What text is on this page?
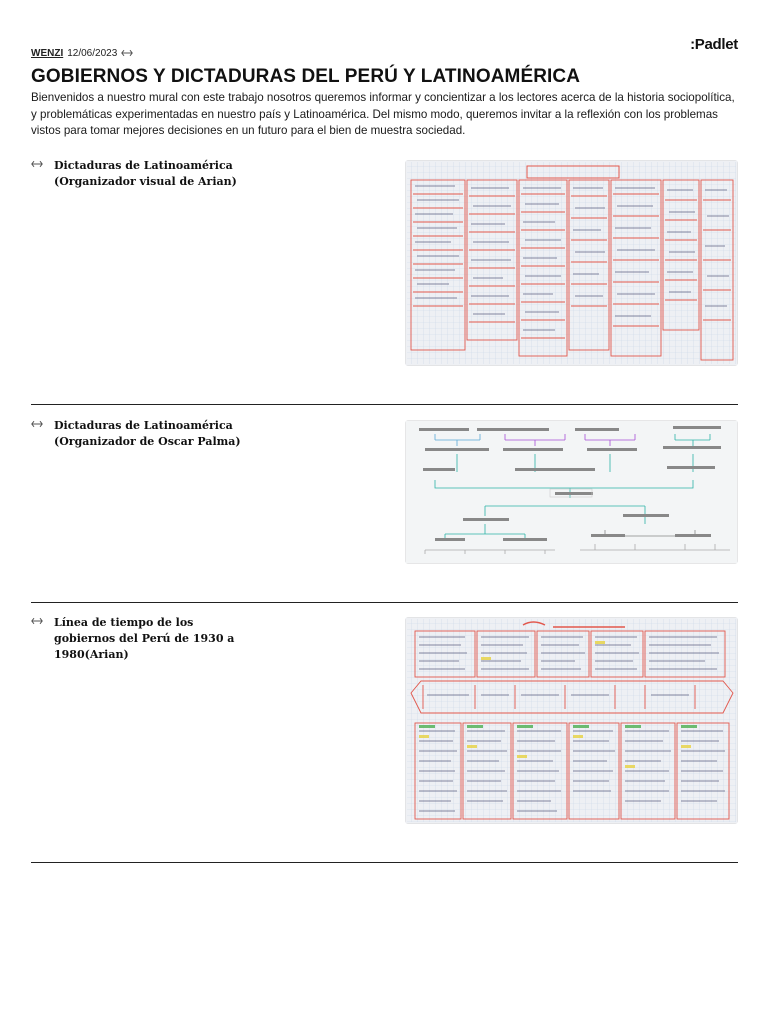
WENZI 12/06/2023	:Padlet
GOBIERNOS Y DICTADURAS DEL PERÚ Y LATINOAMÉRICA

Bienvenidos a nuestro mural con este trabajo nosotros queremos informar y concientizar a los lectores acerca de la historia sociopolítica, y problemáticas experimentadas en nuestro país y Latinoamérica. Del mismo modo, queremos invitar a la reflexión con los problemas vistos para tomar mejores decisiones en un futuro para el bien de muestra sociedad.

Dictaduras de Latinoamérica (Organizador visual de Arian)
Dictaduras de Latinoamérica (Organizador de Oscar Palma)
Línea de tiempo de los gobiernos del Perú de 1930 a 1980(Arian)
